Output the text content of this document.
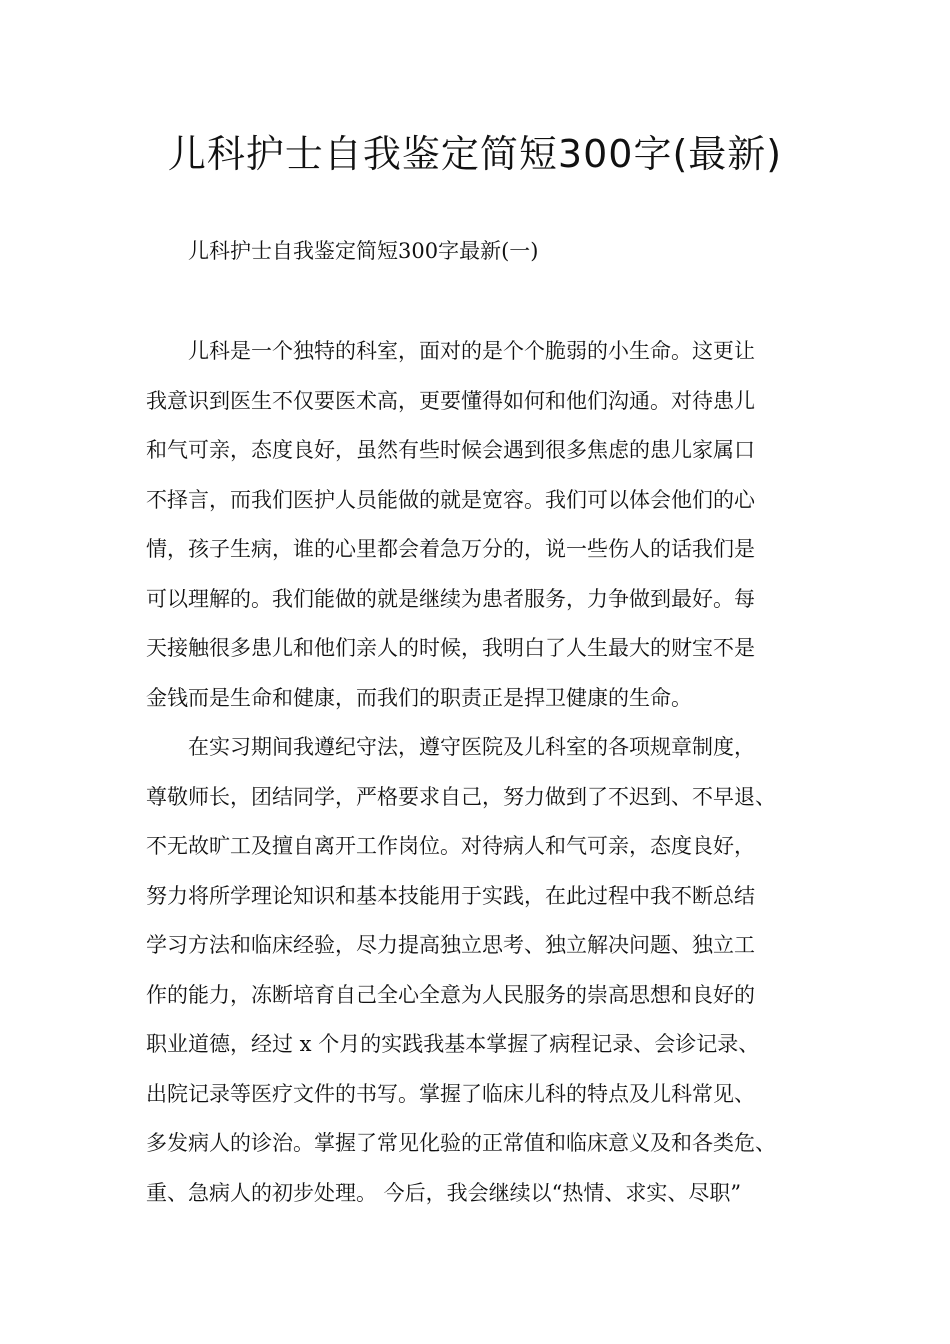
儿科护士自我鉴定简短300字(最新)

儿科护士自我鉴定简短300字最新(一)

儿科是一个独特的科室，面对的是个个脆弱的小生命。这更让

我意识到医生不仅要医术高，更要懂得如何和他们沟通。对待患儿

和气可亲，态度良好，虽然有些时候会遇到很多焦虑的患儿家属口

不择言，而我们医护人员能做的就是宽容。我们可以体会他们的心

情，孩子生病，谁的心里都会着急万分的，说一些伤人的话我们是

可以理解的。我们能做的就是继续为患者服务，力争做到最好。每

天接触很多患儿和他们亲人的时候，我明白了人生最大的财宝不是

金钱而是生命和健康，而我们的职责正是捍卫健康的生命。

在实习期间我遵纪守法，遵守医院及儿科室的各项规章制度，

尊敬师长，团结同学，严格要求自己，努力做到了不迟到、不早退、

不无故旷工及擅自离开工作岗位。对待病人和气可亲，态度良好，

努力将所学理论知识和基本技能用于实践，在此过程中我不断总结

学习方法和临床经验，尽力提高独立思考、独立解决问题、独立工

作的能力，冻断培育自己全心全意为人民服务的崇高思想和良好的

职业道德，经过 x 个月的实践我基本掌握了病程记录、会诊记录、

出院记录等医疗文件的书写。掌握了临床儿科的特点及儿科常见、

多发病人的诊治。掌握了常见化验的正常值和临床意义及和各类危、

重、急病人的初步处理。 今后，我会继续以“热情、求实、尽职”
